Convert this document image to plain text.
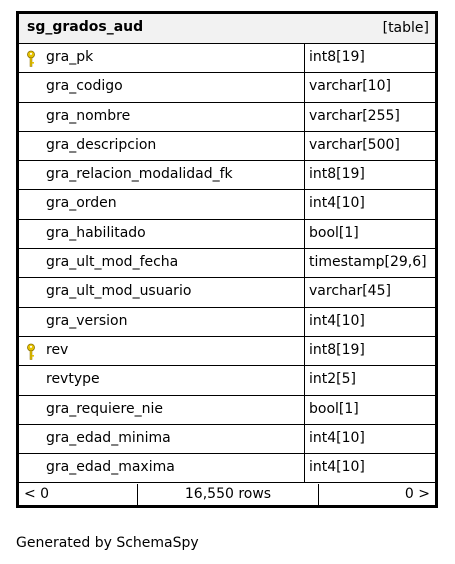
sg_grados_aud	[table]
gra_pk	int8[19]
gra_codigo	varchar[10]
gra_nombre	varchar[255]
gra_descripcion	varchar[500]
gra_relacion_modalidad_fk	int8[19]
gra_orden	int4[10]
gra_habilitado	bool[1]
gra_ult_mod_fecha	timestamp[29,6]
gra_ult_mod_usuario	varchar[45]
gra_version	int4[10]
rev	int8[19]
revtype	int2[5]
gra_requiere_nie	bool[1]
gra_edad_minima	int4[10]
gra_edad_maxima	int4[10]
< 0	16,550 rows	0 >
Generated by SchemaSpy
